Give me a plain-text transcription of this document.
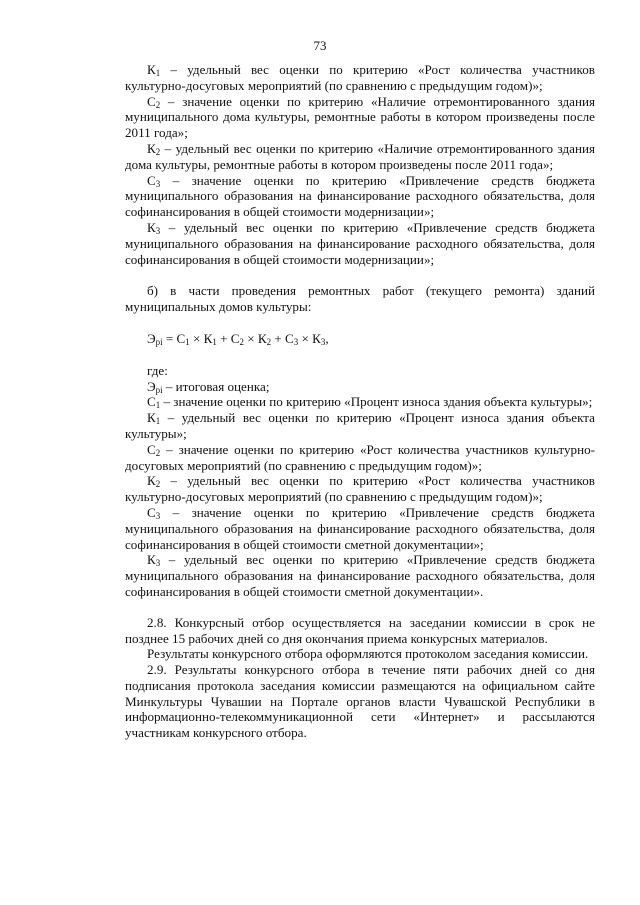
73

$К_1$ – удельный вес оценки по критерию «Рост количества участников культурно-досуговых мероприятий (по сравнению с предыдущим годом)»;

$С_2$ – значение оценки по критерию «Наличие отремонтированного здания муниципального дома культуры, ремонтные работы в котором произведены после 2011 года»;

$К_2$ – удельный вес оценки по критерию «Наличие отремонтированного здания дома культуры, ремонтные работы в котором произведены после 2011 года»;

$С_3$ – значение оценки по критерию «Привлечение средств бюджета муниципального образования на финансирование расходного обязательства, доля софинансирования в общей стоимости модернизации»;

$К_3$ – удельный вес оценки по критерию «Привлечение средств бюджета муниципального образования на финансирование расходного обязательства, доля софинансирования в общей стоимости модернизации»;

б) в части проведения ремонтных работ (текущего ремонта) зданий муниципальных домов культуры:

$Э_{рi} = С_1 \times К_1 + С_2 \times К_2 + С_3 \times К_3$,

где:

$Э_{рi}$ – итоговая оценка;

$С_1$ – значение оценки по критерию «Процент износа здания объекта культуры»;

$К_1$ – удельный вес оценки по критерию «Процент износа здания объекта культуры»;

$С_2$ – значение оценки по критерию «Рост количества участников культурно-досуговых мероприятий (по сравнению с предыдущим годом)»;

$К_2$ – удельный вес оценки по критерию «Рост количества участников культурно-досуговых мероприятий (по сравнению с предыдущим годом)»;

$С_3$ – значение оценки по критерию «Привлечение средств бюджета муниципального образования на финансирование расходного обязательства, доля софинансирования в общей стоимости сметной документации»;

$К_3$ – удельный вес оценки по критерию «Привлечение средств бюджета муниципального образования на финансирование расходного обязательства, доля софинансирования в общей стоимости сметной документации».

2.8. Конкурсный отбор осуществляется на заседании комиссии в срок не позднее 15 рабочих дней со дня окончания приема конкурсных материалов.

Результаты конкурсного отбора оформляются протоколом заседания комиссии.

2.9. Результаты конкурсного отбора в течение пяти рабочих дней со дня подписания протокола заседания комиссии размещаются на официальном сайте Минкультуры Чувашии на Портале органов власти Чувашской Республики в информационно-телекоммуникационной сети «Интернет» и рассылаются участникам конкурсного отбора.
